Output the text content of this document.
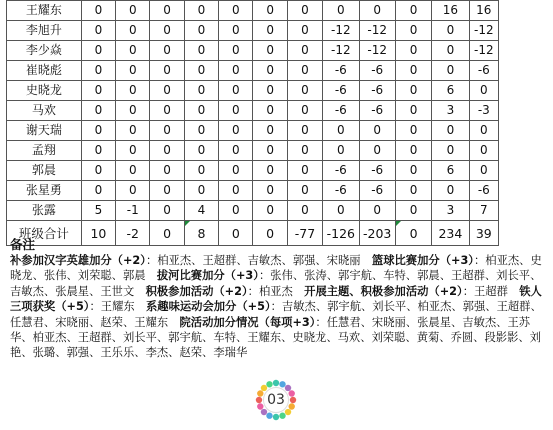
王耀东	0	0	0	0	0	0	0	0	0	0	16	16
李旭升	0	0	0	0	0	0	0	-12	-12	0	0	-12
李少焱	0	0	0	0	0	0	0	-12	-12	0	0	-12
崔晓彪	0	0	0	0	0	0	0	-6	-6	0	0	-6
史晓龙	0	0	0	0	0	0	0	-6	-6	0	6	0
马欢	0	0	0	0	0	0	0	-6	-6	0	3	-3
谢天瑞	0	0	0	0	0	0	0	0	0	0	0	0
孟翔	0	0	0	0	0	0	0	0	0	0	0	0
郭晨	0	0	0	0	0	0	0	-6	-6	0	6	0
张星勇	0	0	0	0	0	0	0	-6	-6	0	0	-6
张露	5	-1	0	4	0	0	0	0	0	0	3	7
班级合计	10	-2	0	8	0	0	-77	-126	-203	0	234	39
备注
补参加汉字英雄加分（+2）：柏亚杰、王超群、吉敏杰、郭强、宋晓丽　篮球比赛加分（+3）：柏亚杰、史晓龙、张伟、刘荣聪、郭晨　拔河比赛加分（+3）：张伟、张涛、郭宇航、车特、郭晨、王超群、刘长平、吉敏杰、张晨星、王世文　积极参加活动（+2）：柏亚杰　开展主题、积极参加活动（+2）：王超群　铁人三项获奖（+5）：王耀东　系趣味运动会加分（+5）：吉敏杰、郭宇航、刘长平、柏亚杰、郭强、王超群、任慧君、宋晓丽、赵荣、王耀东　院活动加分情况（每项+3）：任慧君、宋晓丽、张晨星、吉敏杰、王苏华、柏亚杰、王超群、刘长平、郭宇航、车特、王耀东、史晓龙、马欢、刘荣聪、黄菊、乔圆、段影影、刘艳、张璐、郭强、王乐乐、李杰、赵荣、李瑞华
03
